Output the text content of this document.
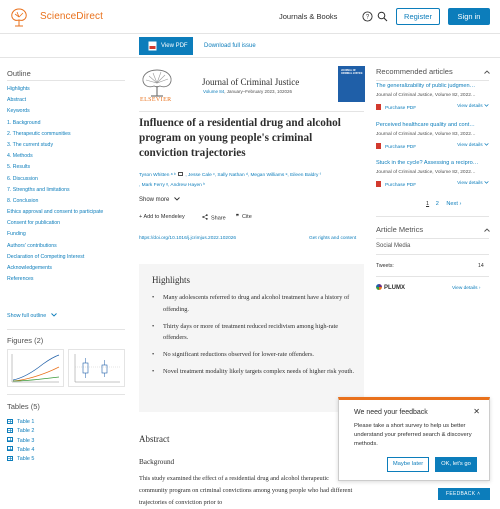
ScienceDirect	Journals & Books	?	Register	Sign in
View PDF	Download full issue
Outline
Highlights
Abstract
Keywords
1. Background
2. Therapeutic communities
3. The current study
4. Methods
5. Results
6. Discussion
7. Strengths and limitations
8. Conclusion
Ethics approval and consent to participate
Consent for publication
Funding
Authors' contributions
Declaration of Competing Interest
Acknowledgements
References
Show full outline
Figures (2)
Tables (5)
Table 1
Table 2
Table 3
Table 4
Table 5
ELSEVIER
Journal of Criminal Justice
Volume 84, January–February 2023, 102026
JOURNAL OF CRIMINAL JUSTICE
Influence of a residential drug and alcohol program on young people's criminal conviction trajectories
Tyson Whitten ᵃ ᵇ , Jesse Cale ᶜ, Sally Nathan ᵈ, Megan Williams ᵉ, Eileen Baldry ᶠ
, Mark Ferry ᵍ, Andrew Hayen ʰ
Show more
+ Add to Mendeley	Share ❞ Cite
https://doi.org/10.1016/j.jcrimjus.2022.102026	Get rights and content
Highlights
• Many adolescents referred to drug and alcohol treatment have a history of offending.
• Thirty days or more of treatment reduced recidivism among high-rate offenders.
• No significant reductions observed for lower-rate offenders.
• Novel treatment modality likely targets complex needs of higher risk youth.
Abstract
Background
This study examined the effect of a residential drug and alcohol therapeutic community program on criminal convictions among young people who had different trajectories of conviction prior to
Recommended articles
The generalizability of public judgmen…
Journal of Criminal Justice, Volume 82, 2022…
Purchase PDF	View details
Perceived healthcare quality and cont…
Journal of Criminal Justice, Volume 83, 2022…
Purchase PDF	View details
Stuck in the cycle? Assessing a recipro…
Journal of Criminal Justice, Volume 82, 2022…
Purchase PDF	View details
1 2 Next ›
Article Metrics
Social Media
Tweets:	14
PLUMX	View details ›
We need your feedback	✕
Please take a short survey to help us better understand your preferred search & discovery methods.
Maybe later	OK, let's go
FEEDBACK ˄
